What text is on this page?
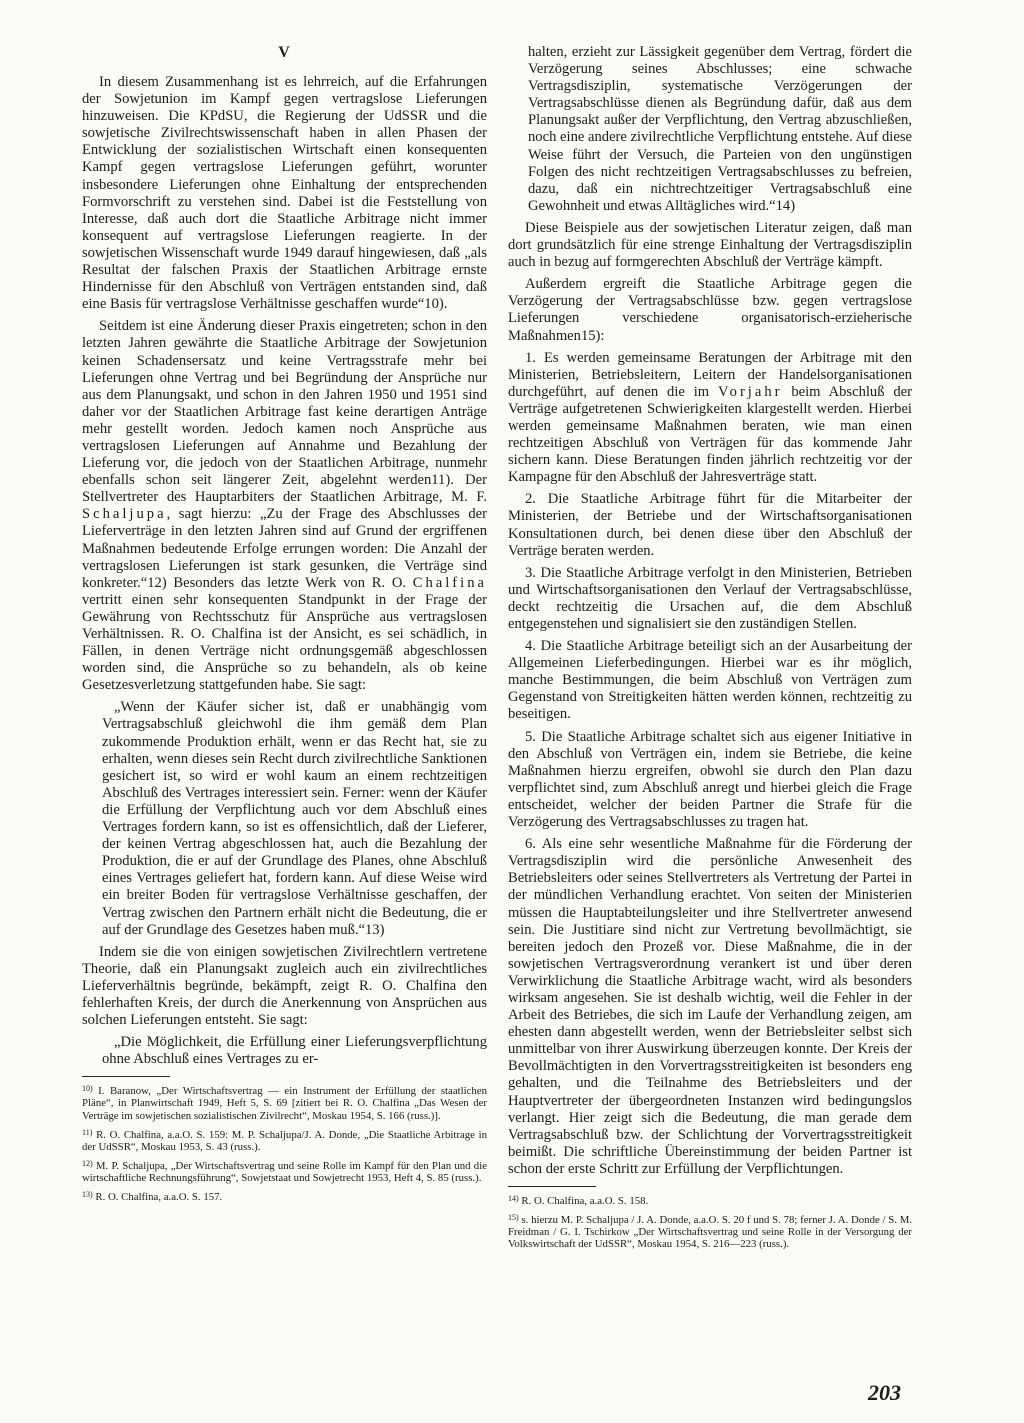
V

In diesem Zusammenhang ist es lehrreich, auf die Erfahrungen der Sowjetunion im Kampf gegen vertragslose Lieferungen hinzuweisen. Die KPdSU, die Regierung der UdSSR und die sowjetische Zivilrechtswissenschaft haben in allen Phasen der Entwicklung der sozialistischen Wirtschaft einen konsequenten Kampf gegen vertragslose Lieferungen geführt, worunter insbesondere Lieferungen ohne Einhaltung der entsprechenden Formvorschrift zu verstehen sind. Dabei ist die Feststellung von Interesse, daß auch dort die Staatliche Arbitrage nicht immer konsequent auf vertragslose Lieferungen reagierte. In der sowjetischen Wissenschaft wurde 1949 darauf hingewiesen, daß „als Resultat der falschen Praxis der Staatlichen Arbitrage ernste Hindernisse für den Abschluß von Verträgen entstanden sind, daß eine Basis für vertragslose Verhältnisse geschaffen wurde“10).

Seitdem ist eine Änderung dieser Praxis eingetreten; schon in den letzten Jahren gewährte die Staatliche Arbitrage der Sowjetunion keinen Schadensersatz und keine Vertragsstrafe mehr bei Lieferungen ohne Vertrag und bei Begründung der Ansprüche nur aus dem Planungsakt, und schon in den Jahren 1950 und 1951 sind daher vor der Staatlichen Arbitrage fast keine derartigen Anträge mehr gestellt worden. Jedoch kamen noch Ansprüche aus vertragslosen Lieferungen auf Annahme und Bezahlung der Lieferung vor, die jedoch von der Staatlichen Arbitrage, nunmehr ebenfalls schon seit längerer Zeit, abgelehnt werden11). Der Stellvertreter des Hauptarbiters der Staatlichen Arbitrage, M. F. Schaljupa, sagt hierzu: „Zu der Frage des Abschlusses der Lieferverträge in den letzten Jahren sind auf Grund der ergriffenen Maßnahmen bedeutende Erfolge errungen worden: Die Anzahl der vertragslosen Lieferungen ist stark gesunken, die Verträge sind konkreter.“12) Besonders das letzte Werk von R. O. Chalfina vertritt einen sehr konsequenten Standpunkt in der Frage der Gewährung von Rechtsschutz für Ansprüche aus vertragslosen Verhältnissen. R. O. Chalfina ist der Ansicht, es sei schädlich, in Fällen, in denen Verträge nicht ordnungsgemäß abgeschlossen worden sind, die Ansprüche so zu behandeln, als ob keine Gesetzesverletzung stattgefunden habe. Sie sagt:

„Wenn der Käufer sicher ist, daß er unabhängig vom Vertragsabschluß gleichwohl die ihm gemäß dem Plan zukommende Produktion erhält, wenn er das Recht hat, sie zu erhalten, wenn dieses sein Recht durch zivilrechtliche Sanktionen gesichert ist, so wird er wohl kaum an einem rechtzeitigen Abschluß des Vertrages interessiert sein. Ferner: wenn der Käufer die Erfüllung der Verpflichtung auch vor dem Abschluß eines Vertrages fordern kann, so ist es offensichtlich, daß der Lieferer, der keinen Vertrag abgeschlossen hat, auch die Bezahlung der Produktion, die er auf der Grundlage des Planes, ohne Abschluß eines Vertrages geliefert hat, fordern kann. Auf diese Weise wird ein breiter Boden für vertragslose Verhältnisse geschaffen, der Vertrag zwischen den Partnern erhält nicht die Bedeutung, die er auf der Grundlage des Gesetzes haben muß.“13)

Indem sie die von einigen sowjetischen Zivilrechtlern vertretene Theorie, daß ein Planungsakt zugleich auch ein zivilrechtliches Lieferverhältnis begründe, bekämpft, zeigt R. O. Chalfina den fehlerhaften Kreis, der durch die Anerkennung von Ansprüchen aus solchen Lieferungen entsteht. Sie sagt:

„Die Möglichkeit, die Erfüllung einer Lieferungsverpflichtung ohne Abschluß eines Vertrages zu er-

$^{10)}$ I. Baranow, „Der Wirtschaftsvertrag — ein Instrument der Erfüllung der staatlichen Pläne“, in Planwirtschaft 1949, Heft 5, S. 69 [zitiert bei R. O. Chalfina „Das Wesen der Verträge im sowjetischen sozialistischen Zivilrecht“, Moskau 1954, S. 166 (russ.)].
$^{11)}$ R. O. Chalfina, a.a.O. S. 159: M. P. Schaljupa/J. A. Donde, „Die Staatliche Arbitrage in der UdSSR“, Moskau 1953, S. 43 (russ.).
$^{12)}$ M. P. Schaljupa, „Der Wirtschaftsvertrag und seine Rolle im Kampf für den Plan und die wirtschaftliche Rechnungsführung“, Sowjetstaat und Sowjetrecht 1953, Heft 4, S. 85 (russ.).
$^{13)}$ R. O. Chalfina, a.a.O. S. 157.

halten, erzieht zur Lässigkeit gegenüber dem Vertrag, fördert die Verzögerung seines Abschlusses; eine schwache Vertragsdisziplin, systematische Verzögerungen der Vertragsabschlüsse dienen als Begründung dafür, daß aus dem Planungsakt außer der Verpflichtung, den Vertrag abzuschließen, noch eine andere zivilrechtliche Verpflichtung entstehe. Auf diese Weise führt der Versuch, die Parteien von den ungünstigen Folgen des nicht rechtzeitigen Vertragsabschlusses zu befreien, dazu, daß ein nichtrechtzeitiger Vertragsabschluß eine Gewohnheit und etwas Alltägliches wird.“14)

Diese Beispiele aus der sowjetischen Literatur zeigen, daß man dort grundsätzlich für eine strenge Einhaltung der Vertragsdisziplin auch in bezug auf formgerechten Abschluß der Verträge kämpft.

Außerdem ergreift die Staatliche Arbitrage gegen die Verzögerung der Vertragsabschlüsse bzw. gegen vertragslose Lieferungen verschiedene organisatorisch-erzieherische Maßnahmen15):

1. Es werden gemeinsame Beratungen der Arbitrage mit den Ministerien, Betriebsleitern, Leitern der Handelsorganisationen durchgeführt, auf denen die im Vorjahr beim Abschluß der Verträge aufgetretenen Schwierigkeiten klargestellt werden. Hierbei werden gemeinsame Maßnahmen beraten, wie man einen rechtzeitigen Abschluß von Verträgen für das kommende Jahr sichern kann. Diese Beratungen finden jährlich rechtzeitig vor der Kampagne für den Abschluß der Jahresverträge statt.

2. Die Staatliche Arbitrage führt für die Mitarbeiter der Ministerien, der Betriebe und der Wirtschaftsorganisationen Konsultationen durch, bei denen diese über den Abschluß der Verträge beraten werden.

3. Die Staatliche Arbitrage verfolgt in den Ministerien, Betrieben und Wirtschaftsorganisationen den Verlauf der Vertragsabschlüsse, deckt rechtzeitig die Ursachen auf, die dem Abschluß entgegenstehen und signalisiert sie den zuständigen Stellen.

4. Die Staatliche Arbitrage beteiligt sich an der Ausarbeitung der Allgemeinen Lieferbedingungen. Hierbei war es ihr möglich, manche Bestimmungen, die beim Abschluß von Verträgen zum Gegenstand von Streitigkeiten hätten werden können, rechtzeitig zu beseitigen.

5. Die Staatliche Arbitrage schaltet sich aus eigener Initiative in den Abschluß von Verträgen ein, indem sie Betriebe, die keine Maßnahmen hierzu ergreifen, obwohl sie durch den Plan dazu verpflichtet sind, zum Abschluß anregt und hierbei gleich die Frage entscheidet, welcher der beiden Partner die Strafe für die Verzögerung des Vertragsabschlusses zu tragen hat.

6. Als eine sehr wesentliche Maßnahme für die Förderung der Vertragsdisziplin wird die persönliche Anwesenheit des Betriebsleiters oder seines Stellvertreters als Vertretung der Partei in der mündlichen Verhandlung erachtet. Von seiten der Ministerien müssen die Hauptabteilungsleiter und ihre Stellvertreter anwesend sein. Die Justitiare sind nicht zur Vertretung bevollmächtigt, sie bereiten jedoch den Prozeß vor. Diese Maßnahme, die in der sowjetischen Vertragsverordnung verankert ist und über deren Verwirklichung die Staatliche Arbitrage wacht, wird als besonders wirksam angesehen. Sie ist deshalb wichtig, weil die Fehler in der Arbeit des Betriebes, die sich im Laufe der Verhandlung zeigen, am ehesten dann abgestellt werden, wenn der Betriebsleiter selbst sich unmittelbar von ihrer Auswirkung überzeugen konnte. Der Kreis der Bevollmächtigten in den Vorvertragsstreitigkeiten ist besonders eng gehalten, und die Teilnahme des Betriebsleiters und der Hauptvertreter der übergeordneten Instanzen wird bedingungslos verlangt. Hier zeigt sich die Bedeutung, die man gerade dem Vertragsabschluß bzw. der Schlichtung der Vorvertragsstreitigkeit beimißt. Die schriftliche Übereinstimmung der beiden Partner ist schon der erste Schritt zur Erfüllung der Verpflichtungen.

$^{14)}$ R. O. Chalfina, a.a.O. S. 158.
$^{15)}$ s. hierzu M. P. Schaljupa / J. A. Donde, a.a.O. S. 20 f und S. 78; ferner J. A. Donde / S. M. Freidman / G. I. Tschirkow „Der Wirtschaftsvertrag und seine Rolle in der Versorgung der Volkswirtschaft der UdSSR“, Moskau 1954, S. 216—223 (russ.).
203
